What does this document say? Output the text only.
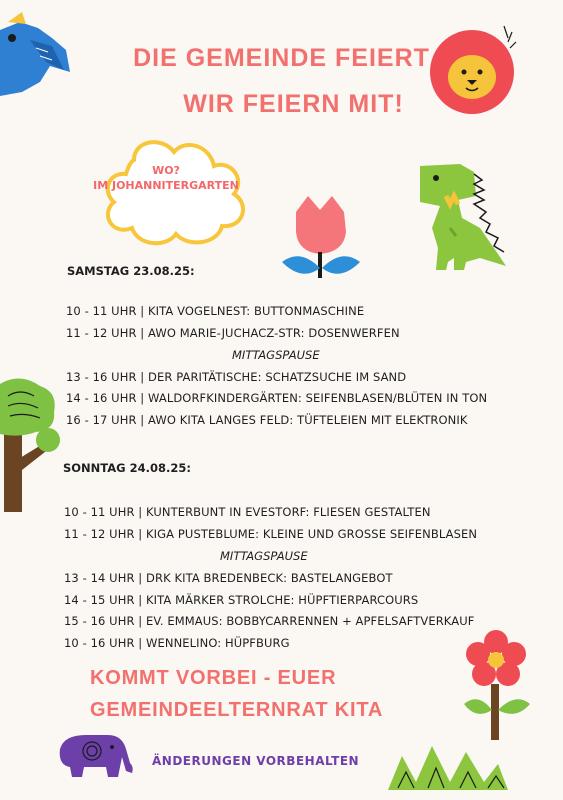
DIE GEMEINDE FEIERT
WIR FEIERN MIT!
WO?
IM JOHANNITERGARTEN
SAMSTAG 23.08.25:
10 - 11 UHR | KITA VOGELNEST: BUTTONMASCHINE
11 - 12 UHR | AWO MARIE-JUCHACZ-STR: DOSENWERFEN
MITTAGSPAUSE
13 - 16 UHR | DER PARITÄTISCHE: SCHATZSUCHE IM SAND
14 - 16 UHR | WALDORFKINDERGÄRTEN: SEIFENBLASEN/BLÜTEN IN TON
16 - 17 UHR | AWO KITA LANGES FELD: TÜFTELEIEN MIT ELEKTRONIK
SONNTAG 24.08.25:
10 - 11 UHR | KUNTERBUNT IN EVESTORF: FLIESEN GESTALTEN
11 - 12 UHR | KIGA PUSTEBLUME: KLEINE UND GROSSE SEIFENBLASEN
MITTAGSPAUSE
13 - 14 UHR | DRK KITA BREDENBECK: BASTELANGEBOT
14 - 15 UHR | KITA MÄRKER STROLCHE: HÜPFTIERPARCOURS
15 - 16 UHR | EV. EMMAUS: BOBBYCARRENNEN + APFELSAFTVERKAUF
10 - 16 UHR | WENNELINO: HÜPFBURG
KOMMT VORBEI - EUER
GEMEINDEELTERNRAT KITA
ÄNDERUNGEN VORBEHALTEN
